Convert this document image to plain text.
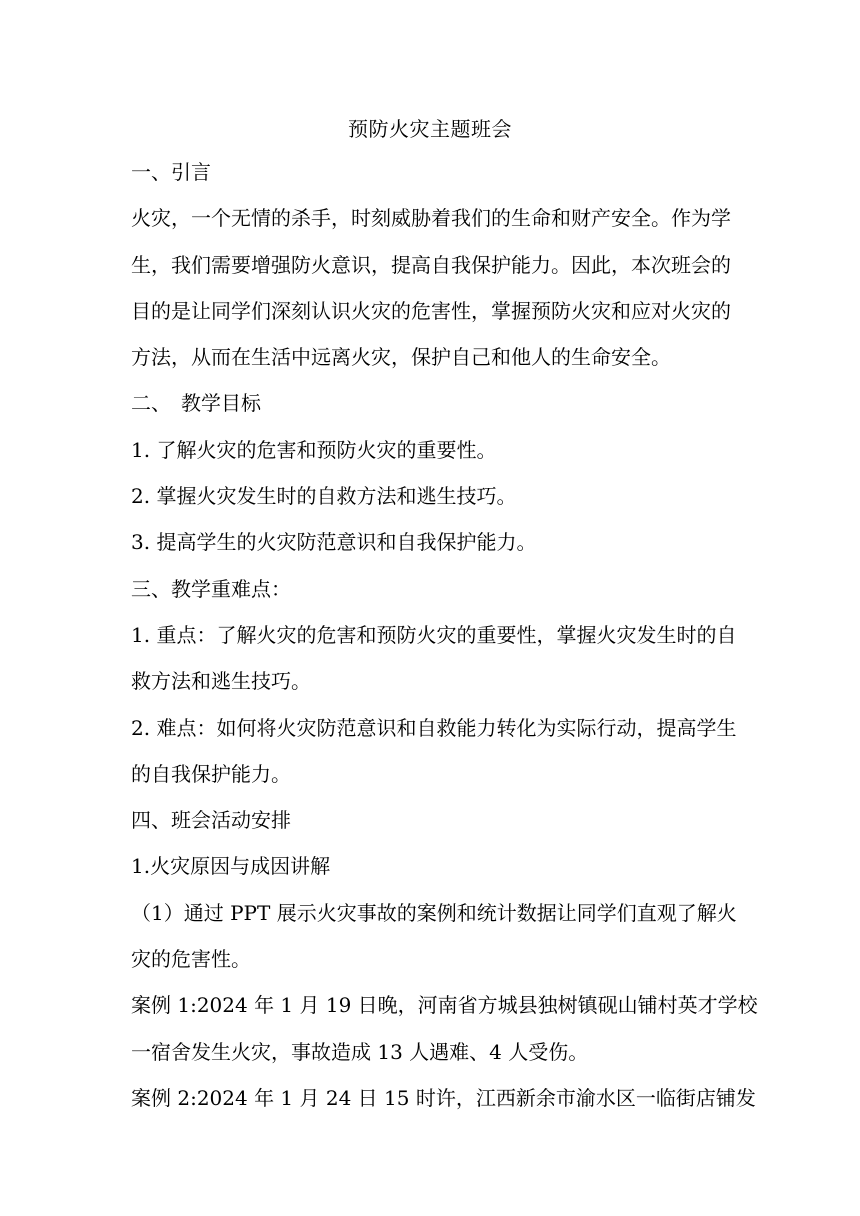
预防火灾主题班会
一、引言
火灾，一个无情的杀手，时刻威胁着我们的生命和财产安全。作为学
生，我们需要增强防火意识，提高自我保护能力。因此，本次班会的
目的是让同学们深刻认识火灾的危害性，掌握预防火灾和应对火灾的
方法，从而在生活中远离火灾，保护自己和他人的生命安全。
二、　教学目标
1. 了解火灾的危害和预防火灾的重要性。
2. 掌握火灾发生时的自救方法和逃生技巧。
3. 提高学生的火灾防范意识和自我保护能力。
三、教学重难点：
1. 重点：了解火灾的危害和预防火灾的重要性，掌握火灾发生时的自
救方法和逃生技巧。
2. 难点：如何将火灾防范意识和自救能力转化为实际行动，提高学生
的自我保护能力。
四、班会活动安排
1.火灾原因与成因讲解
（1）通过 PPT 展示火灾事故的案例和统计数据让同学们直观了解火
灾的危害性。
案例 1:2024 年 1 月 19 日晚，河南省方城县独树镇砚山铺村英才学校
一宿舍发生火灾，事故造成 13 人遇难、4 人受伤。
案例 2:2024 年 1 月 24 日 15 时许，江西新余市渝水区一临街店铺发
